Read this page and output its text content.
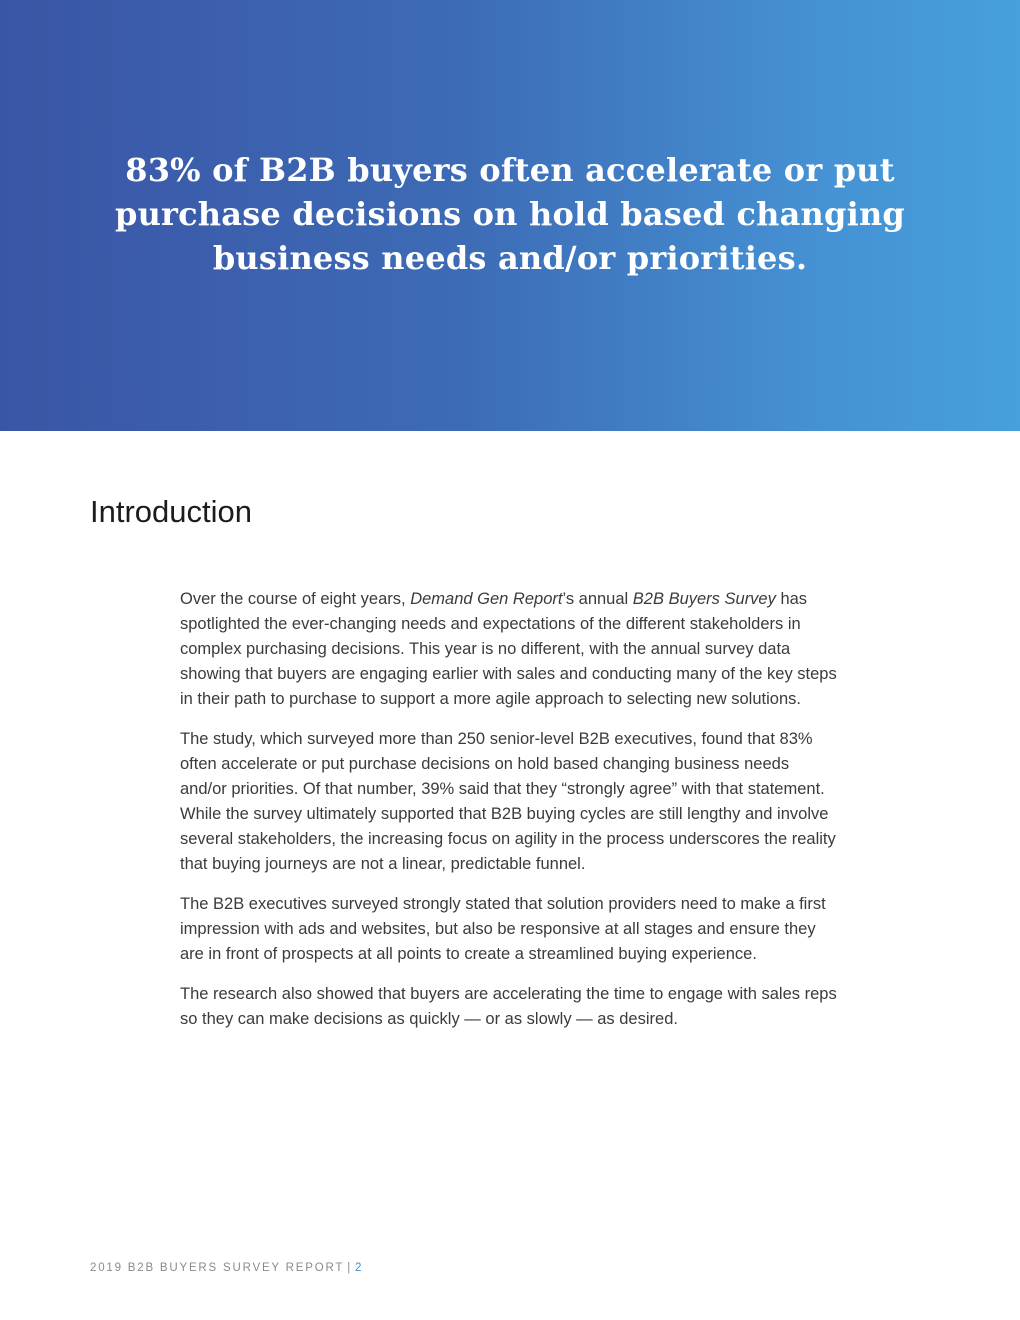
83% of B2B buyers often accelerate or put purchase decisions on hold based changing business needs and/or priorities.
Introduction

Over the course of eight years, Demand Gen Report’s annual B2B Buyers Survey has spotlighted the ever-changing needs and expectations of the different stakeholders in complex purchasing decisions. This year is no different, with the annual survey data showing that buyers are engaging earlier with sales and conducting many of the key steps in their path to purchase to support a more agile approach to selecting new solutions.

The study, which surveyed more than 250 senior-level B2B executives, found that 83% often accelerate or put purchase decisions on hold based changing business needs and/or priorities. Of that number, 39% said that they “strongly agree” with that statement. While the survey ultimately supported that B2B buying cycles are still lengthy and involve several stakeholders, the increasing focus on agility in the process underscores the reality that buying journeys are not a linear, predictable funnel.

The B2B executives surveyed strongly stated that solution providers need to make a first impression with ads and websites, but also be responsive at all stages and ensure they are in front of prospects at all points to create a streamlined buying experience.

The research also showed that buyers are accelerating the time to engage with sales reps so they can make decisions as quickly — or as slowly — as desired.

2019 B2B BUYERS SURVEY REPORT | 2
